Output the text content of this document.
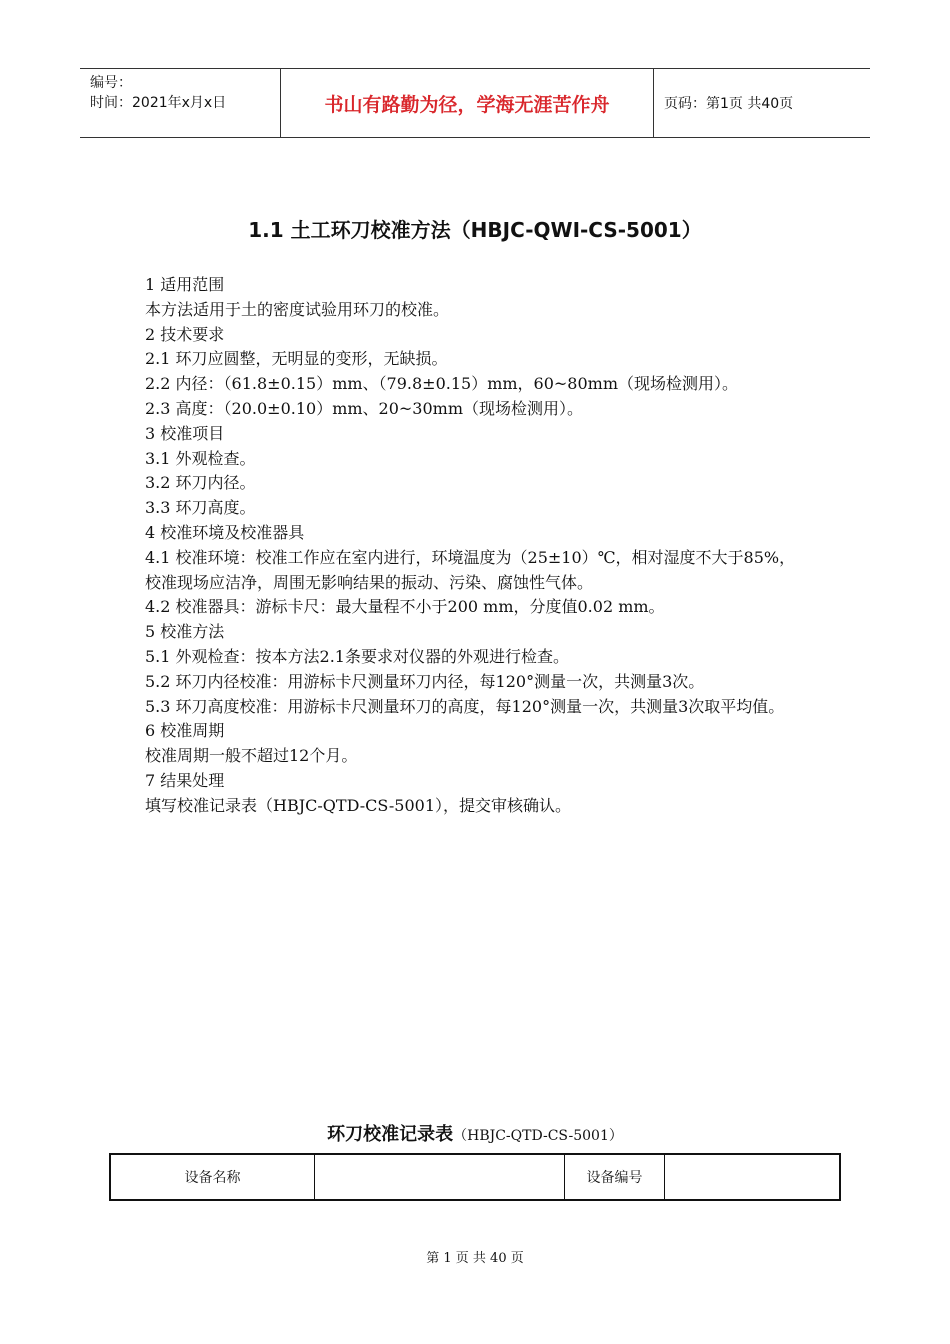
编号：
时间：2021年x月x日	书山有路勤为径，学海无涯苦作舟	页码：第1页 共40页
1.1 土工环刀校准方法（HBJC-QWI-CS-5001）

1 适用范围

本方法适用于土的密度试验用环刀的校准。

2 技术要求

2.1 环刀应圆整，无明显的变形，无缺损。

2.2 内径：（61.8±0.15）mm、（79.8±0.15）mm，60~80mm（现场检测用）。

2.3 高度：（20.0±0.10）mm、20~30mm（现场检测用）。

3 校准项目

3.1 外观检查。

3.2 环刀内径。

3.3 环刀高度。

4 校准环境及校准器具

4.1 校准环境：校准工作应在室内进行，环境温度为（25±10）℃，相对湿度不大于85%，校准现场应洁净，周围无影响结果的振动、污染、腐蚀性气体。

4.2 校准器具：游标卡尺：最大量程不小于200 mm，分度值0.02 mm。

5 校准方法

5.1 外观检查：按本方法2.1条要求对仪器的外观进行检查。

5.2 环刀内径校准：用游标卡尺测量环刀内径，每120°测量一次，共测量3次。

5.3 环刀高度校准：用游标卡尺测量环刀的高度，每120°测量一次，共测量3次取平均值。

6 校准周期

校准周期一般不超过12个月。

7 结果处理

填写校准记录表（HBJC-QTD-CS-5001），提交审核确认。

环刀校准记录表（HBJC-QTD-CS-5001）
设备名称		设备编号	
第 1 页 共 40 页
